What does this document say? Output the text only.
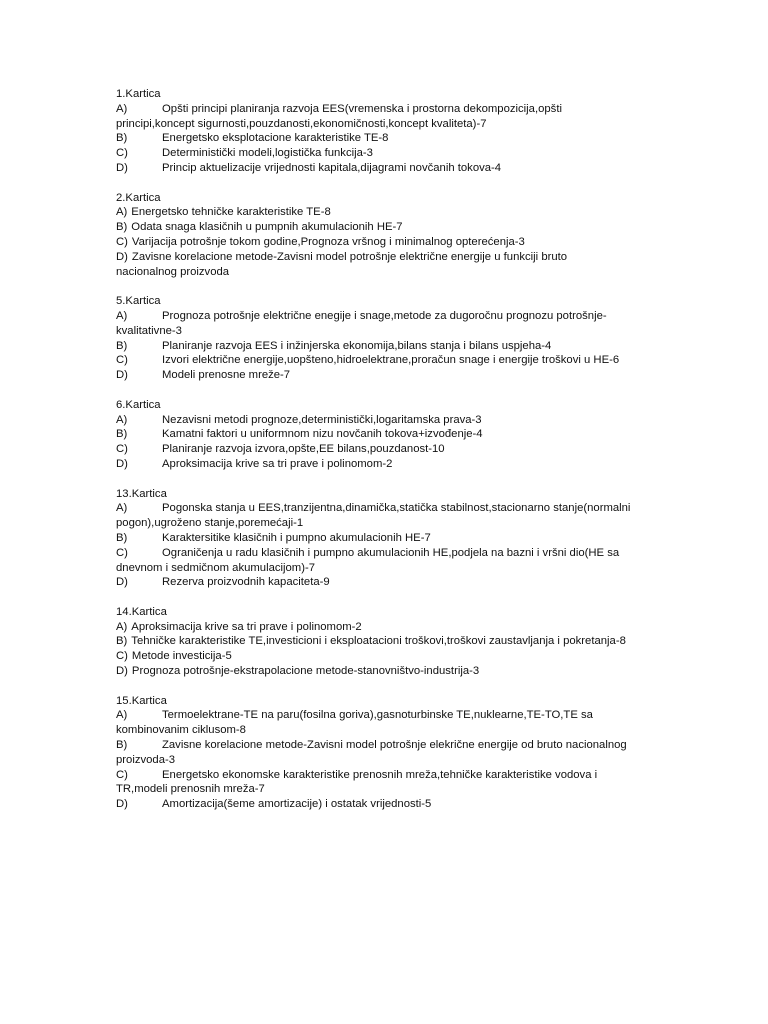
1.Kartica
A)	Opšti principi planiranja razvoja EES(vremenska i prostorna dekompozicija,opšti
principi,koncept sigurnosti,pouzdanosti,ekonomičnosti,koncept kvaliteta)-7
B)	Energetsko eksplotacione karakteristike TE-8
C)	Deterministički modeli,logistička funkcija-3
D)	Princip aktuelizacije vrijednosti kapitala,dijagrami novčanih tokova-4
2.Kartica
A) Energetsko tehničke karakteristike TE-8
B) Odata snaga klasičnih u pumpnih akumulacionih HE-7
C) Varijacija potrošnje tokom godine,Prognoza vršnog i minimalnog opterećenja-3
D) Zavisne korelacione metode-Zavisni model potrošnje električne energije u funkciji bruto
nacionalnog proizvoda
5.Kartica
A)	Prognoza potrošnje električne enegije i snage,metode za dugoročnu prognozu potrošnje-
kvalitativne-3
B)	Planiranje razvoja EES i inžinjerska ekonomija,bilans stanja i bilans uspjeha-4
C)	Izvori električne energije,uopšteno,hidroelektrane,proračun snage i energije troškovi u HE-6
D)	Modeli prenosne mreže-7
6.Kartica
A)	Nezavisni metodi prognoze,deterministički,logaritamska prava-3
B)	Kamatni faktori u uniformnom nizu novčanih tokova+izvođenje-4
C)	Planiranje razvoja izvora,opšte,EE bilans,pouzdanost-10
D)	Aproksimacija krive sa tri prave i polinomom-2
13.Kartica
A)	Pogonska stanja u EES,tranzijentna,dinamička,statička stabilnost,stacionarno stanje(normalni
pogon),ugroženo stanje,poremećaji-1
B)	Karaktersitike klasičnih i pumpno akumulacionih HE-7
C)	Ograničenja u radu klasičnih i pumpno akumulacionih HE,podjela na bazni i vršni dio(HE sa
dnevnom i sedmičnom akumulacijom)-7
D)	Rezerva proizvodnih kapaciteta-9
14.Kartica
A) Aproksimacija krive sa tri prave i polinomom-2
B) Tehničke karakteristike TE,investicioni i eksploatacioni troškovi,troškovi zaustavljanja i pokretanja-8
C) Metode investicija-5
D) Prognoza potrošnje-ekstrapolacione metode-stanovništvo-industrija-3
15.Kartica
A)	Termoelektrane-TE na paru(fosilna goriva),gasnoturbinske TE,nuklearne,TE-TO,TE sa
kombinovanim ciklusom-8
B)	Zavisne korelacione metode-Zavisni model potrošnje elekrične energije od bruto nacionalnog
proizvoda-3
C)	Energetsko ekonomske karakteristike prenosnih mreža,tehničke karakteristike vodova i
TR,modeli prenosnih mreža-7
D)	Amortizacija(šeme amortizacije) i ostatak vrijednosti-5
